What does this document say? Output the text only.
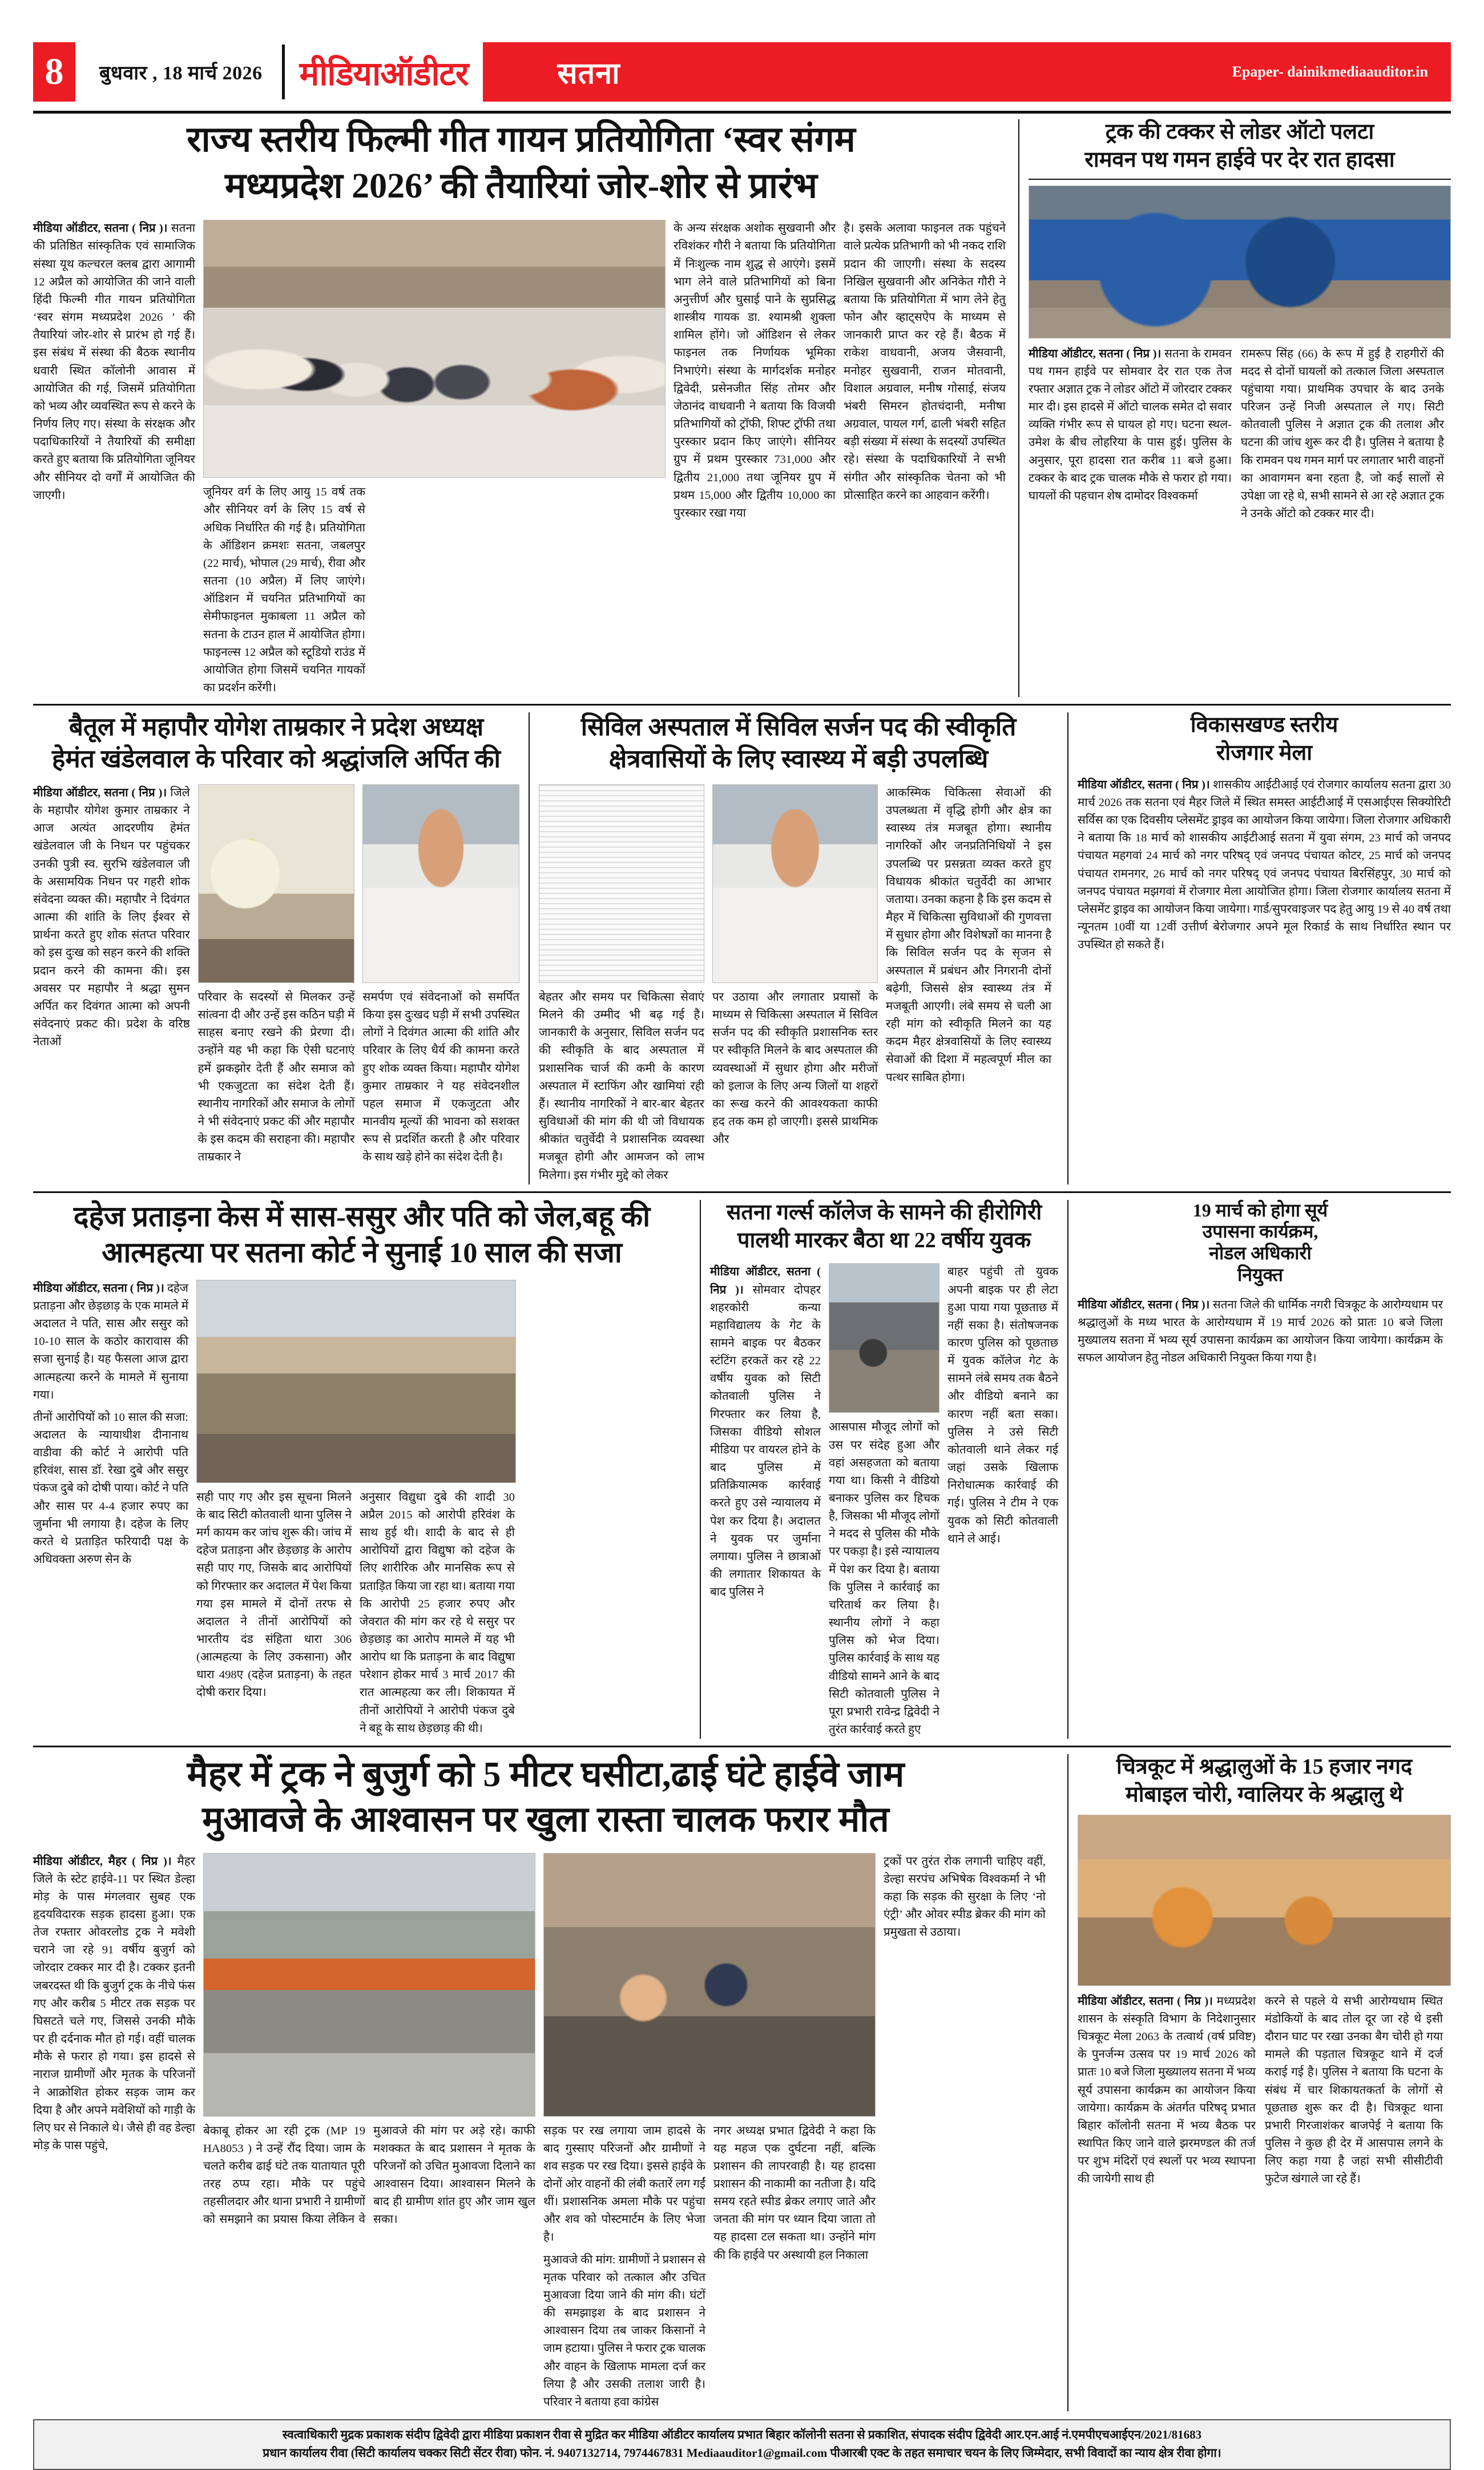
8	बुधवार , 18 मार्च 2026	मीडियाऑडीटर	सतना	Epaper- dainikmediaauditor.in
राज्य स्तरीय फिल्मी गीत गायन प्रतियोगिता ‘स्वर संगम
मध्यप्रदेश 2026’ की तैयारियां जोर-शोर से प्रारंभ

मीडिया ऑडीटर, सतना ( निप्र )। सतना की प्रतिष्ठित सांस्कृतिक एवं सामाजिक संस्था यूथ कल्चरल क्लब द्वारा आगामी 12 अप्रैल को आयोजित की जाने वाली हिंदी फिल्मी गीत गायन प्रतियोगिता ‘स्वर संगम मध्यप्रदेश 2026 ’ की तैयारियां जोर-शोर से प्रारंभ हो गई हैं। इस संबंध में संस्था की बैठक स्थानीय धवारी स्थित कॉलोनी आवास में आयोजित की गई, जिसमें प्रतियोगिता को भव्य और व्यवस्थित रूप से करने के निर्णय लिए गए। संस्था के संरक्षक और पदाधिकारियों ने तैयारियों की समीक्षा करते हुए बताया कि प्रतियोगिता जूनियर और सीनियर दो वर्गों में आयोजित की जाएगी।	जूनियर वर्ग के लिए आयु 15 वर्ष तक और सीनियर वर्ग के लिए 15 वर्ष से अधिक निर्धारित की गई है। प्रतियोगिता के ऑडिशन क्रमशः सतना, जबलपुर (22 मार्च), भोपाल (29 मार्च), रीवा और सतना (10 अप्रैल) में लिए जाएंगे। ऑडिशन में चयनित प्रतिभागियों का सेमीफाइनल मुकाबला 11 अप्रैल को सतना के टाउन हाल में आयोजित होगा। फाइनल्स 12 अप्रैल को स्टूडियो राउंड में आयोजित होगा जिसमें चयनित गायकों का प्रदर्शन करेंगी।

के अन्य संरक्षक अशोक सुखवानी और रविशंकर गौरी ने बताया कि प्रतियोगिता में निःशुल्क नाम शुद्ध से आएंगे। इसमें भाग लेने वाले प्रतिभागियों को बिना अनुत्तीर्ण और घुसाई पाने के सुप्रसिद्ध शास्त्रीय गायक डा. श्यामश्री शुक्ला शामिल होंगे। जो ऑडिशन से लेकर फाइनल तक निर्णायक भूमिका निभाएंगे। संस्था के मार्गदर्शक मनोहर द्विवेदी, प्रसेनजीत सिंह तोमर और जेठानंद वाधवानी ने बताया कि विजयी प्रतिभागियों को ट्रॉफी, शिफ्ट ट्रॉफी तथा पुरस्कार प्रदान किए जाएंगे। सीनियर ग्रुप में प्रथम पुरस्कार 731,000 और द्वितीय 21,000 तथा जूनियर ग्रुप में प्रथम 15,000 और द्वितीय 10,000 का पुरस्कार रखा गया

है। इसके अलावा फाइनल तक पहुंचने वाले प्रत्येक प्रतिभागी को भी नकद राशि प्रदान की जाएगी। संस्था के सदस्य निखिल सुखवानी और अनिकेत गौरी ने बताया कि प्रतियोगिता में भाग लेने हेतु फोन और व्हाट्सऐप के माध्यम से जानकारी प्राप्त कर रहे हैं। बैठक में राकेश वाधवानी, अजय जैसवानी, मनोहर सुखवानी, राजन मोतवानी, विशाल अग्रवाल, मनीष गोसाई, संजय भंबरी सिमरन होतचंदानी, मनीषा अग्रवाल, पायल गर्ग, ढाली भंबरी सहित बड़ी संख्या में संस्था के सदस्यों उपस्थित रहे। संस्था के पदाधिकारियों ने सभी संगीत और सांस्कृतिक चेतना को भी प्रोत्साहित करने का आहवान करेंगी।

ट्रक की टक्कर से लोडर ऑटो पलटा
रामवन पथ गमन हाईवे पर देर रात हादसा

मीडिया ऑडीटर, सतना ( निप्र )। सतना के रामवन पथ गमन हाईवे पर सोमवार देर रात एक तेज रफ्तार अज्ञात ट्रक ने लोडर ऑटो में जोरदार टक्कर मार दी। इस हादसे में ऑटो चालक समेत दो सवार व्यक्ति गंभीर रूप से घायल हो गए। घटना स्थल- उमेश के बीच लोहरिया के पास हुई। पुलिस के अनुसार, पूरा हादसा रात करीब 11 बजे हुआ। टक्कर के बाद ट्रक चालक मौके से फरार हो गया। घायलों की पहचान शेष दामोदर विश्वकर्मा

रामरूप सिंह (66) के रूप में हुई है राहगीरों की मदद से दोनों घायलों को तत्काल जिला अस्पताल पहुंचाया गया। प्राथमिक उपचार के बाद उनके परिजन उन्हें निजी अस्पताल ले गए। सिटी कोतवाली पुलिस ने अज्ञात ट्रक की तलाश और घटना की जांच शुरू कर दी है। पुलिस ने बताया है कि रामवन पथ गमन मार्ग पर लगातार भारी वाहनों का आवागमन बना रहता है, जो कई सालों से उपेक्षा जा रहे थे, सभी सामने से आ रहे अज्ञात ट्रक ने उनके ऑटो को टक्कर मार दी।

बैतूल में महापौर योगेश ताम्रकार ने प्रदेश अध्यक्ष
हेमंत खंडेलवाल के परिवार को श्रद्धांजलि अर्पित की

मीडिया ऑडीटर, सतना ( निप्र )। जिले के महापौर योगेश कुमार ताम्रकार ने आज अत्यंत आदरणीय हेमंत खंडेलवाल जी के निधन पर पहुंचकर उनकी पुत्री स्व. सुरभि खंडेलवाल जी के असामयिक निधन पर गहरी शोक संवेदना व्यक्त की। महापौर ने दिवंगत आत्मा की शांति के लिए ईश्वर से प्रार्थना करते हुए शोक संतप्त परिवार को इस दुःख को सहन करने की शक्ति प्रदान करने की कामना की। इस अवसर पर महापौर ने श्रद्धा सुमन अर्पित कर दिवंगत आत्मा को अपनी संवेदनाएं प्रकट की। प्रदेश के वरिष्ठ नेताओं

परिवार के सदस्यों से मिलकर उन्हें सांत्वना दी और उन्हें इस कठिन घड़ी में साहस बनाए रखने की प्रेरणा दी। उन्होंने यह भी कहा कि ऐसी घटनाएं हमें झकझोर देती हैं और समाज को भी एकजुटता का संदेश देती हैं। स्थानीय नागरिकों और समाज के लोगों ने भी संवेदनाएं प्रकट कीं और महापौर के इस कदम की सराहना की। महापौर ताम्रकार ने

समर्पण एवं संवेदनाओं को समर्पित किया इस दुःखद घड़ी में सभी उपस्थित लोगों ने दिवंगत आत्मा की शांति और परिवार के लिए धैर्य की कामना करते हुए शोक व्यक्त किया। महापौर योगेश कुमार ताम्रकार ने यह संवेदनशील पहल समाज में एकजुटता और मानवीय मूल्यों की भावना को सशक्त रूप से प्रदर्शित करती है और परिवार के साथ खड़े होने का संदेश देती है।

सिविल अस्पताल में सिविल सर्जन पद की स्वीकृति
क्षेत्रवासियों के लिए स्वास्थ्य में बड़ी उपलब्धि

बेहतर और समय पर चिकित्सा सेवाएं मिलने की उम्मीद भी बढ़ गई है। जानकारी के अनुसार, सिविल सर्जन पद की स्वीकृति के बाद अस्पताल में प्रशासनिक चार्ज की कमी के कारण अस्पताल में स्टाफिंग और खामियां रही हैं। स्थानीय नागरिकों ने बार-बार बेहतर सुविधाओं की मांग की थी जो विधायक श्रीकांत चतुर्वेदी ने प्रशासनिक व्यवस्था मजबूत होगी और आमजन को लाभ मिलेगा। इस गंभीर मुद्दे को लेकर

पर उठाया और लगातार प्रयासों के माध्यम से चिकित्सा अस्पताल में सिविल सर्जन पद की स्वीकृति प्रशासनिक स्तर पर स्वीकृति मिलने के बाद अस्पताल की व्यवस्थाओं में सुधार होगा और मरीजों को इलाज के लिए अन्य जिलों या शहरों का रूख करने की आवश्यकता काफी हद तक कम हो जाएगी। इससे प्राथमिक और

आकस्मिक चिकित्सा सेवाओं की उपलब्धता में वृद्धि होगी और क्षेत्र का स्वास्थ्य तंत्र मजबूत होगा। स्थानीय नागरिकों और जनप्रतिनिधियों ने इस उपलब्धि पर प्रसन्नता व्यक्त करते हुए विधायक श्रीकांत चतुर्वेदी का आभार जताया। उनका कहना है कि इस कदम से मैहर में चिकित्सा सुविधाओं की गुणवत्ता में सुधार होगा और विशेषज्ञों का मानना है कि सिविल सर्जन पद के सृजन से अस्पताल में प्रबंधन और निगरानी दोनों बढ़ेगी, जिससे क्षेत्र स्वास्थ्य तंत्र में मजबूती आएगी। लंबे समय से चली आ रही मांग को स्वीकृति मिलने का यह कदम मैहर क्षेत्रवासियों के लिए स्वास्थ्य सेवाओं की दिशा में महत्वपूर्ण मील का पत्थर साबित होगा।

विकासखण्ड स्तरीय
रोजगार मेला

मीडिया ऑडीटर, सतना ( निप्र )। शासकीय आईटीआई एवं रोजगार कार्यालय सतना द्वारा 30 मार्च 2026 तक सतना एवं मैहर जिले में स्थित समस्त आईटीआई में एसआईएस सिक्योरिटी सर्विस का एक दिवसीय प्लेसमेंट ड्राइव का आयोजन किया जायेगा। जिला रोजगार अधिकारी ने बताया कि 18 मार्च को शासकीय आईटीआई सतना में युवा संगम, 23 मार्च को जनपद पंचायत महगवां 24 मार्च को नगर परिषद् एवं जनपद पंचायत कोटर, 25 मार्च को जनपद पंचायत रामनगर, 26 मार्च को नगर परिषद् एवं जनपद पंचायत बिरसिंहपुर, 30 मार्च को जनपद पंचायत मझगवां में रोजगार मेला आयोजित होगा। जिला रोजगार कार्यालय सतना में प्लेसमेंट ड्राइव का आयोजन किया जायेगा। गार्ड/सुपरवाइजर पद हेतु आयु 19 से 40 वर्ष तथा न्यूनतम 10वीं या 12वीं उत्तीर्ण बेरोजगार अपने मूल रिकार्ड के साथ निर्धारित स्थान पर उपस्थित हो सकते हैं।

दहेज प्रताड़ना केस में सास-ससुर और पति को जेल,बहू की
आत्महत्या पर सतना कोर्ट ने सुनाई 10 साल की सजा

मीडिया ऑडीटर, सतना ( निप्र )। दहेज प्रताड़ना और छेड़छाड़ के एक मामले में अदालत ने पति, सास और ससुर को 10-10 साल के कठोर कारावास की सजा सुनाई है। यह फैसला आज द्वारा आत्महत्या करने के मामले में सुनाया गया।

तीनों आरोपियों को 10 साल की सजा: अदालत के न्यायाधीश दीनानाथ वाडीवा की कोर्ट ने आरोपी पति हरिवंश, सास डॉ. रेखा दुबे और ससुर पंकज दुबे को दोषी पाया। कोर्ट ने पति और सास पर 4-4 हजार रुपए का जुर्माना भी लगाया है। दहेज के लिए करते थे प्रताड़ित फरियादी पक्ष के अधिवक्ता अरुण सेन के

सही पाए गए और इस सूचना मिलने के बाद सिटी कोतवाली थाना पुलिस ने मर्ग कायम कर जांच शुरू की। जांच में दहेज प्रताड़ना और छेड़छाड़ के आरोप सही पाए गए, जिसके बाद आरोपियों को गिरफ्तार कर अदालत में पेश किया गया इस मामले में दोनों तरफ से अदालत ने तीनों आरोपियों को भारतीय दंड संहिता धारा 306 (आत्महत्या के लिए उकसाना) और धारा 498ए (दहेज प्रताड़ना) के तहत दोषी करार दिया।

अनुसार विद्युधा दुबे की शादी 30 अप्रैल 2015 को आरोपी हरिवंश के साथ हुई थी। शादी के बाद से ही आरोपियों द्वारा विद्युषा को दहेज के लिए शारीरिक और मानसिक रूप से प्रताड़ित किया जा रहा था। बताया गया कि आरोपी 25 हजार रुपए और जेवरात की मांग कर रहे थे ससुर पर छेड़छाड़ का आरोप मामले में यह भी आरोप था कि प्रताड़ना के बाद विद्युषा परेशान होकर मार्च 3 मार्च 2017 की रात आत्महत्या कर ली। शिकायत में तीनों आरोपियों ने आरोपी पंकज दुबे ने बहू के साथ छेड़छाड़ की थी।

सतना गर्ल्स कॉलेज के सामने की हीरोगिरी
पालथी मारकर बैठा था 22 वर्षीय युवक

मीडिया ऑडीटर, सतना ( निप्र )। सोमवार दोपहर शहरकोरी कन्या महाविद्यालय के गेट के सामने बाइक पर बैठकर स्टंटिंग हरकतें कर रहे 22 वर्षीय युवक को सिटी कोतवाली पुलिस ने गिरफ्तार कर लिया है, जिसका वीडियो सोशल मीडिया पर वायरल होने के बाद पुलिस में प्रतिक्रियात्मक कार्रवाई करते हुए उसे न्यायालय में पेश कर दिया है। अदालत ने युवक पर जुर्माना लगाया। पुलिस ने छात्राओं की लगातार शिकायत के बाद पुलिस ने

आसपास मौजूद लोगों को उस पर संदेह हुआ और वहां असहजता को बताया गया था। किसी ने वीडियो बनाकर पुलिस कर हिचक है, जिसका भी मौजूद लोगों ने मदद से पुलिस की मौके पर पकड़ा है। इसे न्यायालय में पेश कर दिया है। बताया कि पुलिस ने कार्रवाई का चरितार्थ कर लिया है। स्थानीय लोगों ने कहा पुलिस को भेज दिया। पुलिस कार्रवाई के साथ यह वीडियो सामने आने के बाद सिटी कोतवाली पुलिस ने पूरा प्रभारी रावेन्द्र द्विवेदी ने तुरंत कार्रवाई करते हुए

बाहर पहुंची तो युवक अपनी बाइक पर ही लेटा हुआ पाया गया पूछताछ में नहीं सका है। संतोषजनक कारण पुलिस को पूछताछ में युवक कॉलेज गेट के सामने लंबे समय तक बैठने और वीडियो बनाने का कारण नहीं बता सका। पुलिस ने उसे सिटी कोतवाली थाने लेकर गई जहां उसके खिलाफ निरोधात्मक कार्रवाई की गई। पुलिस ने टीम ने एक युवक को सिटी कोतवाली थाने ले आई।

19 मार्च को होगा सूर्य
उपासना कार्यक्रम,
नोडल अधिकारी
नियुक्त

मीडिया ऑडीटर, सतना ( निप्र )। सतना जिले की धार्मिक नगरी चित्रकूट के आरोग्यधाम पर श्रद्धालुओं के मध्य भारत के आरोग्यधाम में 19 मार्च 2026 को प्रातः 10 बजे जिला मुख्यालय सतना में भव्य सूर्य उपासना कार्यक्रम का आयोजन किया जायेगा। कार्यक्रम के सफल आयोजन हेतु नोडल अधिकारी नियुक्त किया गया है।

मैहर में ट्रक ने बुजुर्ग को 5 मीटर घसीटा,ढाई घंटे हाईवे जाम
मुआवजे के आश्वासन पर खुला रास्ता चालक फरार मौत

मीडिया ऑडीटर, मैहर ( निप्र )। मैहर जिले के स्टेट हाईवे-11 पर स्थित डेल्हा मोड़ के पास मंगलवार सुबह एक हृदयविदारक सड़क हादसा हुआ। एक तेज रफ्तार ओवरलोड ट्रक ने मवेशी चराने जा रहे 91 वर्षीय बुजुर्ग को जोरदार टक्कर मार दी है। टक्कर इतनी जबरदस्त थी कि बुजुर्ग ट्रक के नीचे फंस गए और करीब 5 मीटर तक सड़क पर घिसटते चले गए, जिससे उनकी मौके पर ही दर्दनाक मौत हो गई। वहीं चालक मौके से फरार हो गया। इस हादसे से नाराज ग्रामीणों और मृतक के परिजनों ने आक्रोशित होकर सड़क जाम कर दिया है और अपने मवेशियों को गाड़ी के लिए घर से निकाले थे। जैसे ही वह डेल्हा मोड़ के पास पहुंचे,

बेकाबू होकर आ रही ट्रक (MP 19 HA8053 ) ने उन्हें रौंद दिया। जाम के चलते करीब ढाई घंटे तक यातायात पूरी तरह ठप्प रहा। मौके पर पहुंचे तहसीलदार और थाना प्रभारी ने ग्रामीणों को समझाने का प्रयास किया लेकिन वे मुआवजे की मांग पर अड़े रहे। काफी मशक्कत के बाद प्रशासन ने मृतक के परिजनों को उचित मुआवजा दिलाने का आश्वासन दिया। आश्वासन मिलने के बाद ही ग्रामीण शांत हुए और जाम खुल सका।

सड़क पर रख लगाया जाम हादसे के बाद गुस्साए परिजनों और ग्रामीणों ने शव सड़क पर रख दिया। इससे हाईवे के दोनों ओर वाहनों की लंबी कतारें लग गईं थीं। प्रशासनिक अमला मौके पर पहुंचा और शव को पोस्टमार्टम के लिए भेजा है।

मुआवजे की मांग: ग्रामीणों ने प्रशासन से मृतक परिवार को तत्काल और उचित मुआवजा दिया जाने की मांग की। घंटों की समझाइश के बाद प्रशासन ने आश्वासन दिया तब जाकर किसानों ने जाम हटाया। पुलिस ने फरार ट्रक चालक और वाहन के खिलाफ मामला दर्ज कर लिया है और उसकी तलाश जारी है। परिवार ने बताया हवा कांग्रेस

नगर अध्यक्ष प्रभात द्विवेदी ने कहा कि यह महज एक दुर्घटना नहीं, बल्कि प्रशासन की लापरवाही है। यह हादसा प्रशासन की नाकामी का नतीजा है। यदि समय रहते स्पीड ब्रेकर लगाए जाते और जनता की मांग पर ध्यान दिया जाता तो यह हादसा टल सकता था। उन्होंने मांग की कि हाईवे पर अस्थायी हल निकाला

ट्रकों पर तुरंत रोक लगानी चाहिए वहीं, डेल्हा सरपंच अभिषेक विश्वकर्मा ने भी कहा कि सड़क की सुरक्षा के लिए ‘नो एंट्री’ और ओवर स्पीड ब्रेकर की मांग को प्रमुखता से उठाया।

चित्रकूट में श्रद्धालुओं के 15 हजार नगद
मोबाइल चोरी, ग्वालियर के श्रद्धालु थे

मीडिया ऑडीटर, सतना ( निप्र )। मध्यप्रदेश शासन के संस्कृति विभाग के निदेशानुसार चित्रकूट मेला 2063 के तत्वार्थ (वर्ष प्रविष्ट) के पुनर्जन्म उत्सव पर 19 मार्च 2026 को प्रातः 10 बजे जिला मुख्यालय सतना में भव्य सूर्य उपासना कार्यक्रम का आयोजन किया जायेगा। कार्यक्रम के अंतर्गत परिषद् प्रभात बिहार कॉलोनी सतना में भव्य बैठक पर स्थापित किए जाने वाले झरमण्डल की तर्ज पर शुभ मंदिरों एवं स्थलों पर भव्य स्थापना की जायेगी साथ ही

करने से पहले ये सभी आरोग्यधाम स्थित मंडोकियों के बाद तोल दूर जा रहे थे इसी दौरान घाट पर रखा उनका बैग चोरी हो गया मामले की पड़ताल चित्रकूट थाने में दर्ज कराई गई है। पुलिस ने बताया कि घटना के संबंध में चार शिकायतकर्ता के लोगों से पूछताछ शुरू कर दी है। चित्रकूट थाना प्रभारी गिरजाशंकर बाजपेई ने बताया कि पुलिस ने कुछ ही देर में आसपास लगने के लिए कहा गया है जहां सभी सीसीटीवी फुटेज खंगाले जा रहे हैं।

स्वत्वाधिकारी मुद्रक प्रकाशक संदीप द्विवेदी द्वारा मीडिया प्रकाशन रीवा से मुद्रित कर मीडिया ऑडीटर कार्यालय प्रभात बिहार कॉलोनी सतना से प्रकाशित, संपादक संदीप द्विवेदी आर.एन.आई नं.एमपीएचआईएन/2021/81683
प्रधान कार्यालय रीवा (सिटी कार्यालय चक्कर सिटी सेंटर रीवा) फोन. नं. 9407132714, 7974467831 Mediaauditor1@gmail.com पीआरबी एक्ट के तहत समाचार चयन के लिए जिम्मेदार, सभी विवादों का न्याय क्षेत्र रीवा होगा।
